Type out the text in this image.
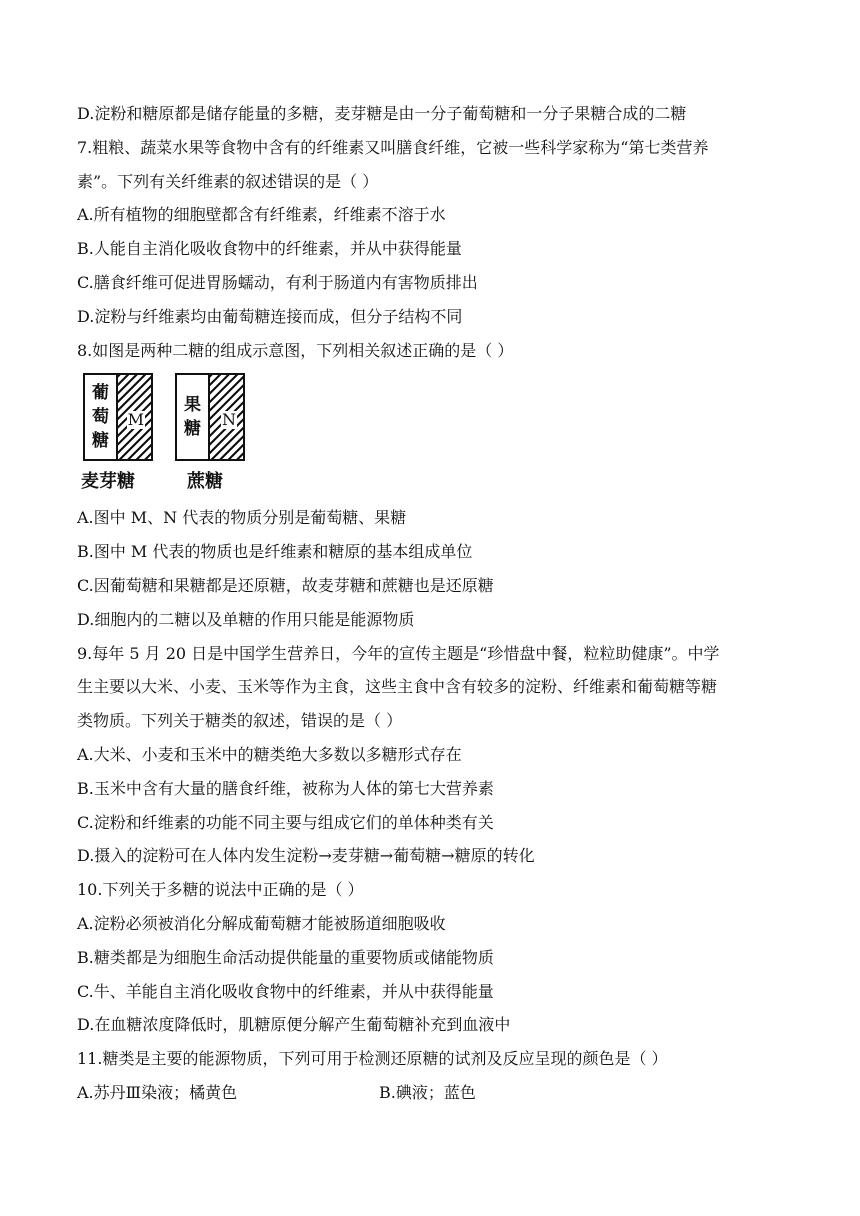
D.淀粉和糖原都是储存能量的多糖，麦芽糖是由一分子葡萄糖和一分子果糖合成的二糖
7.粗粮、蔬菜水果等食物中含有的纤维素又叫膳食纤维，它被一些科学家称为“第七类营养
素”。下列有关纤维素的叙述错误的是（ ）
A.所有植物的细胞壁都含有纤维素，纤维素不溶于水
B.人能自主消化吸收食物中的纤维素，并从中获得能量
C.膳食纤维可促进胃肠蠕动，有利于肠道内有害物质排出
D.淀粉与纤维素均由葡萄糖连接而成，但分子结构不同
8.如图是两种二糖的组成示意图，下列相关叙述正确的是（ ）
葡
萄
糖
M
麦芽糖
果
糖 N
蔗糖
A.图中 M、N 代表的物质分别是葡萄糖、果糖
B.图中 M 代表的物质也是纤维素和糖原的基本组成单位
C.因葡萄糖和果糖都是还原糖，故麦芽糖和蔗糖也是还原糖
D.细胞内的二糖以及单糖的作用只能是能源物质
9.每年 5 月 20 日是中国学生营养日，今年的宣传主题是“珍惜盘中餐，粒粒助健康”。中学
生主要以大米、小麦、玉米等作为主食，这些主食中含有较多的淀粉、纤维素和葡萄糖等糖
类物质。下列关于糖类的叙述，错误的是（ ）
A.大米、小麦和玉米中的糖类绝大多数以多糖形式存在
B.玉米中含有大量的膳食纤维，被称为人体的第七大营养素
C.淀粉和纤维素的功能不同主要与组成它们的单体种类有关
D.摄入的淀粉可在人体内发生淀粉→麦芽糖→葡萄糖→糖原的转化
10.下列关于多糖的说法中正确的是（ ）
A.淀粉必须被消化分解成葡萄糖才能被肠道细胞吸收
B.糖类都是为细胞生命活动提供能量的重要物质或储能物质
C.牛、羊能自主消化吸收食物中的纤维素，并从中获得能量
D.在血糖浓度降低时，肌糖原便分解产生葡萄糖补充到血液中
11.糖类是主要的能源物质，下列可用于检测还原糖的试剂及反应呈现的颜色是（ ）
A.苏丹Ⅲ染液；橘黄色	B.碘液；蓝色
